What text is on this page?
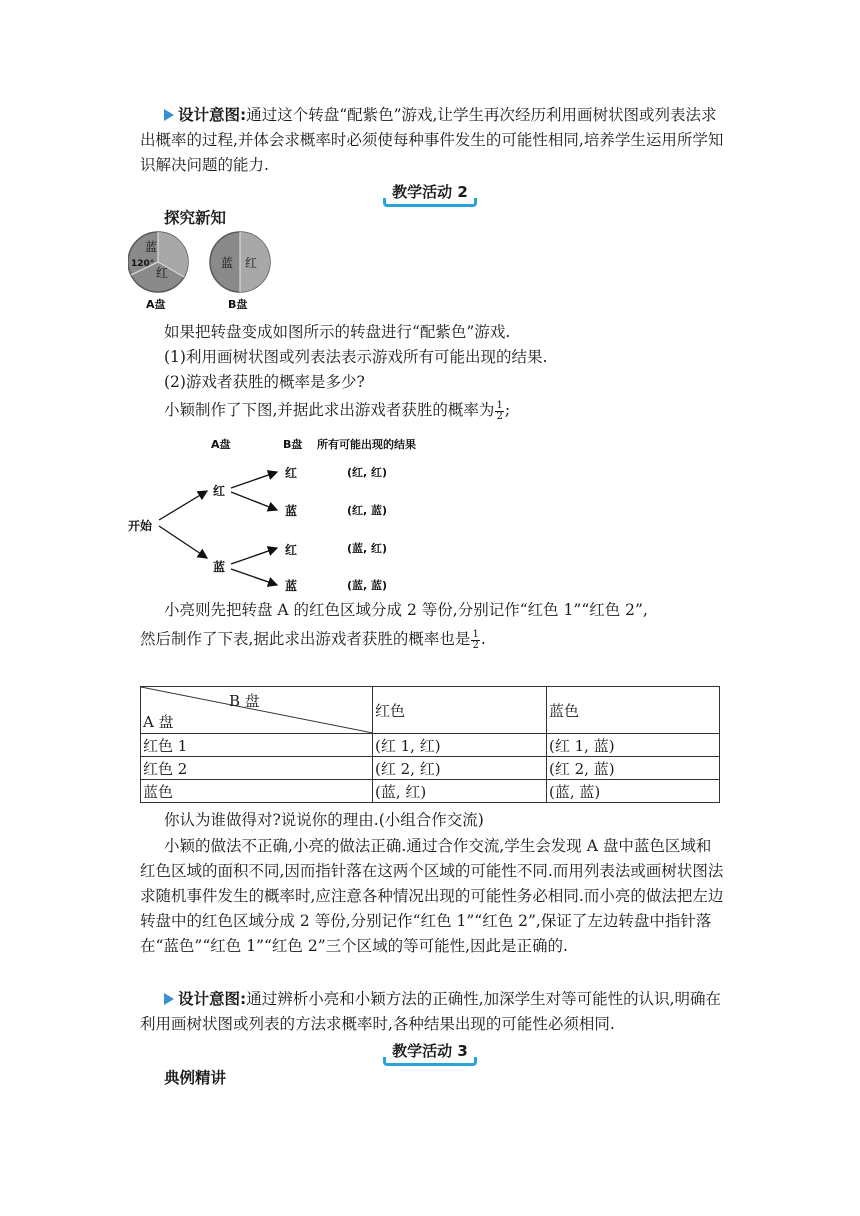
设计意图:通过这个转盘“配紫色”游戏,让学生再次经历利用画树状图或列表法求出概率的过程,并体会求概率时必须使每种事件发生的可能性相同,培养学生运用所学知识解决问题的能力.
教学活动 2
探究新知
蓝
120°
红
蓝 红
A盘	B盘
如果把转盘变成如图所示的转盘进行“配紫色”游戏.
(1)利用画树状图或列表法表示游戏所有可能出现的结果.
(2)游戏者获胜的概率是多少?
小颖制作了下图,并据此求出游戏者获胜的概率为 $\frac{1}{2}$ ;
A盘	B盘 所有可能出现的结果
开始
红
蓝
红
蓝
红
蓝
(红, 红)
(红, 蓝)
(蓝, 红)
(蓝, 蓝)
小亮则先把转盘 A 的红色区域分成 2 等份,分别记作“红色 1”“红色 2”,
然后制作了下表,据此求出游戏者获胜的概率也是 $\frac{1}{2}$ .
B 盘
A 盘	红色	蓝色
红色 1	(红 1, 红)	(红 1, 蓝)
红色 2	(红 2, 红)	(红 2, 蓝)
蓝色	(蓝, 红)	(蓝, 蓝)
你认为谁做得对?说说你的理由.(小组合作交流)
小颖的做法不正确,小亮的做法正确.通过合作交流,学生会发现 A 盘中蓝色区域和红色区域的面积不同,因而指针落在这两个区域的可能性不同.而用列表法或画树状图法求随机事件发生的概率时,应注意各种情况出现的可能性务必相同.而小亮的做法把左边转盘中的红色区域分成 2 等份,分别记作“红色 1”“红色 2”,保证了左边转盘中指针落在“蓝色”“红色 1”“红色 2”三个区域的等可能性,因此是正确的.
设计意图:通过辨析小亮和小颖方法的正确性,加深学生对等可能性的认识,明确在利用画树状图或列表的方法求概率时,各种结果出现的可能性必须相同.
教学活动 3
典例精讲
